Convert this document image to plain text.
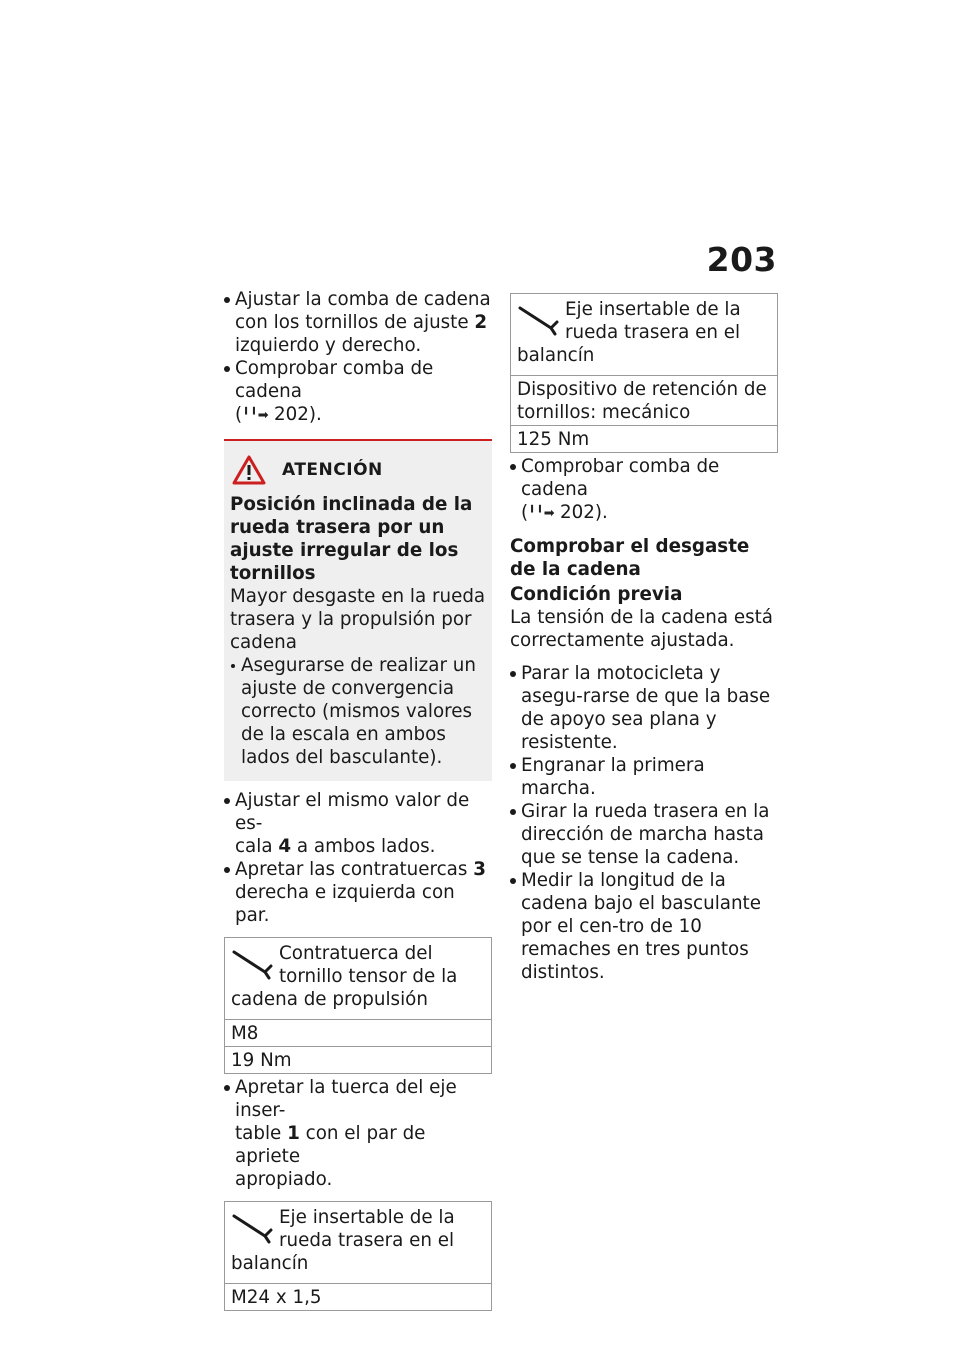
203
Ajustar la comba de cadena
con los tornillos de ajuste 2
izquierdo y derecho.
Comprobar comba de cadena
(╹╹➡ 202).
ATENCIÓN
Posición inclinada de la rueda trasera por un ajuste irregular de los tornillos
Mayor desgaste en la rueda trasera y la propulsión por cadena
Asegurarse de realizar un ajuste de convergencia correcto (mismos valores de la escala en ambos lados del basculante).
Ajustar el mismo valor de es-
cala 4 a ambos lados.
Apretar las contratuercas 3
derecha e izquierda con par.
Contratuerca del tornillo tensor de la cadena de propulsión
M8
19 Nm
Apretar la tuerca del eje inser-
table 1 con el par de apriete
apropiado.
Eje insertable de la rueda trasera en el balancín
M24 x 1,5
Eje insertable de la rueda trasera en el balancín
Dispositivo de retención de tornillos: mecánico
125 Nm
Comprobar comba de cadena
(╹╹➡ 202).
Comprobar el desgaste de la cadena
Condición previa
La tensión de la cadena está correctamente ajustada.
Parar la motocicleta y asegu-rarse de que la base de apoyo sea plana y resistente.
Engranar la primera marcha.
Girar la rueda trasera en la dirección de marcha hasta que se tense la cadena.
Medir la longitud de la cadena bajo el basculante por el cen-tro de 10 remaches en tres puntos distintos.
